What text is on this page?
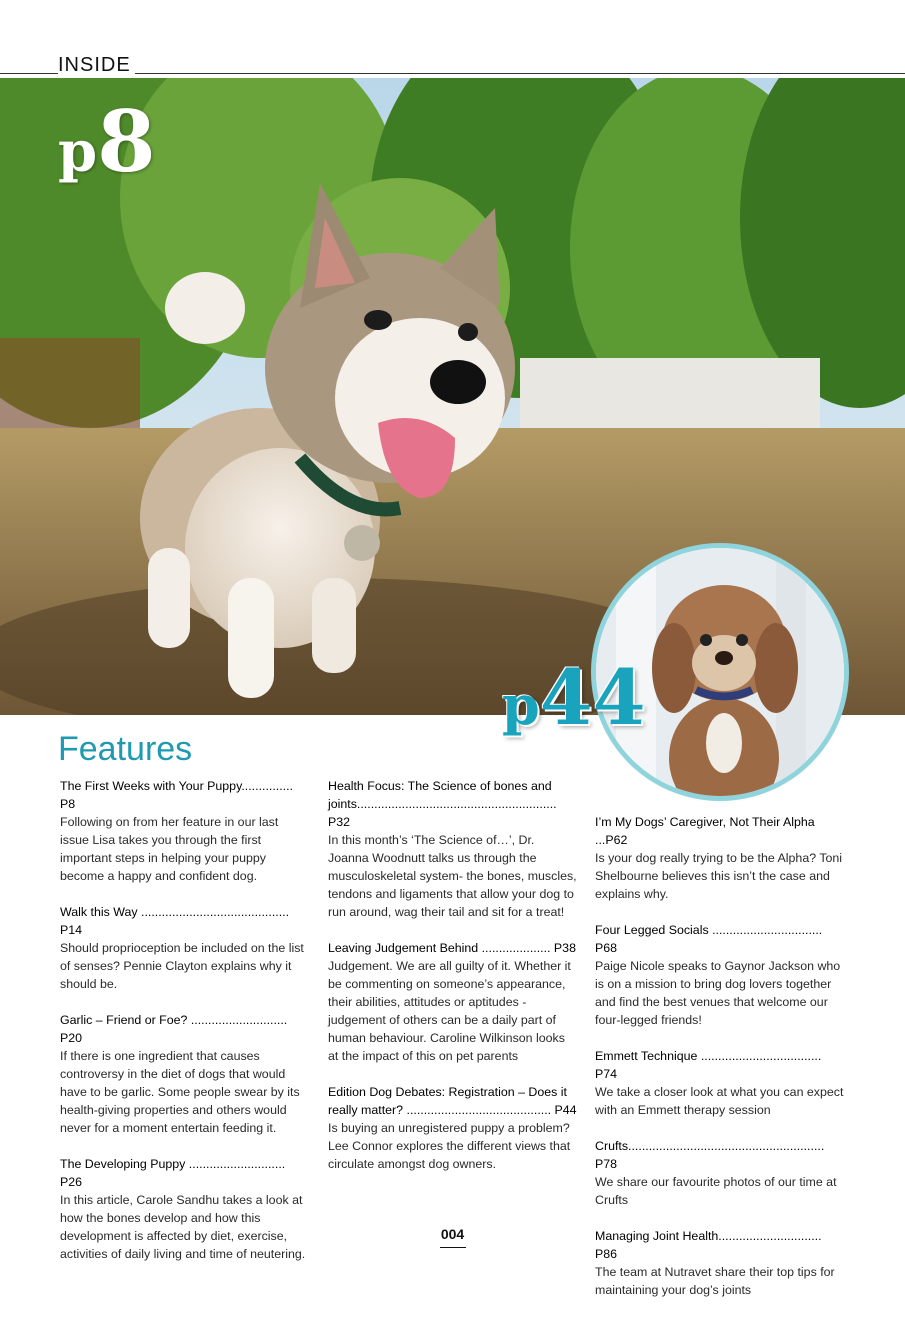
INSIDE
p8
p44
Features
The First Weeks with Your Puppy............... P8
Following on from her feature in our last issue Lisa takes you through the first important steps in helping your puppy become a happy and confident dog.
Walk this Way ........................................... P14
Should proprioception be included on the list of senses? Pennie Clayton explains why it should be.
Garlic – Friend or Foe? ............................ P20
If there is one ingredient that causes controversy in the diet of dogs that would have to be garlic. Some people swear by its health-giving properties and others would never for a moment entertain feeding it.
The Developing Puppy ............................ P26
In this article, Carole Sandhu takes a look at how the bones develop and how this development is affected by diet, exercise, activities of daily living and time of neutering.
Health Focus: The Science of bones and joints.......................................................... P32
In this month’s ‘The Science of…’, Dr. Joanna Woodnutt talks us through the musculoskeletal system- the bones, muscles, tendons and ligaments that allow your dog to run around, wag their tail and sit for a treat!
Leaving Judgement Behind .................... P38
Judgement. We are all guilty of it. Whether it be commenting on someone’s appearance, their abilities, attitudes or aptitudes - judgement of others can be a daily part of human behaviour. Caroline Wilkinson looks at the impact of this on pet parents
Edition Dog Debates: Registration – Does it really matter? .......................................... P44
Is buying an unregistered puppy a problem? Lee Connor explores the different views that circulate amongst dog owners.
I’m My Dogs’ Caregiver, Not Their Alpha ...P62
Is your dog really trying to be the Alpha? Toni Shelbourne believes this isn’t the case and explains why.
Four Legged Socials ................................ P68
Paige Nicole speaks to Gaynor Jackson who is on a mission to bring dog lovers together and find the best venues that welcome our four-legged friends!
Emmett Technique ................................... P74
We take a closer look at what you can expect with an Emmett therapy session
Crufts......................................................... P78
We share our favourite photos of our time at Crufts
Managing Joint Health.............................. P86
The team at Nutravet share their top tips for maintaining your dog’s joints
004
